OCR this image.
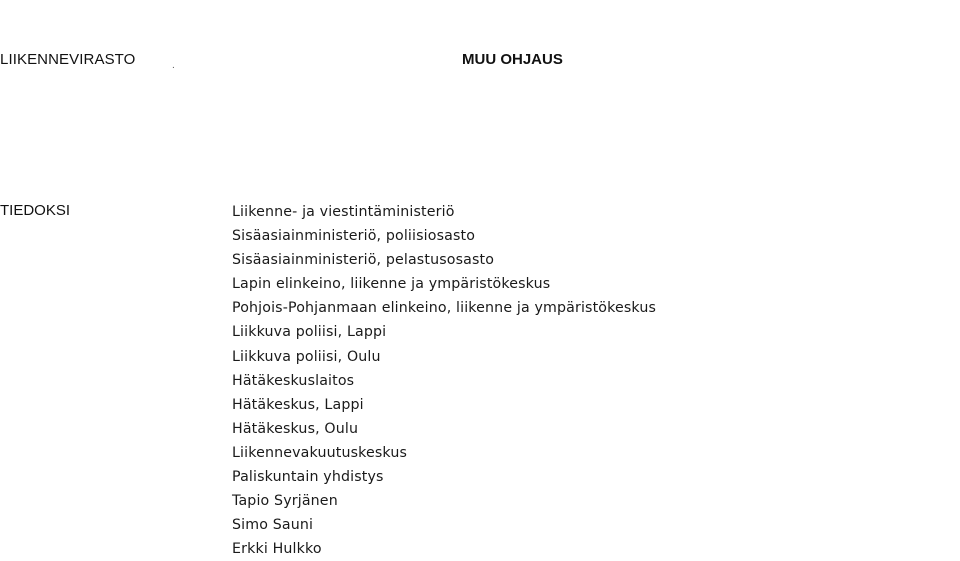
LIIKENNEVIRASTO	.	MUU OHJAUS
TIEDOKSI	Liikenne- ja viestintäministeriö
Sisäasiainministeriö, poliisiosasto
Sisäasiainministeriö, pelastusosasto
Lapin elinkeino, liikenne ja ympäristökeskus
Pohjois-Pohjanmaan elinkeino, liikenne ja ympäristökeskus
Liikkuva poliisi, Lappi
Liikkuva poliisi, Oulu
Hätäkeskuslaitos
Hätäkeskus, Lappi
Hätäkeskus, Oulu
Liikennevakuutuskeskus
Paliskuntain yhdistys
Tapio Syrjänen
Simo Sauni
Erkki Hulkko
